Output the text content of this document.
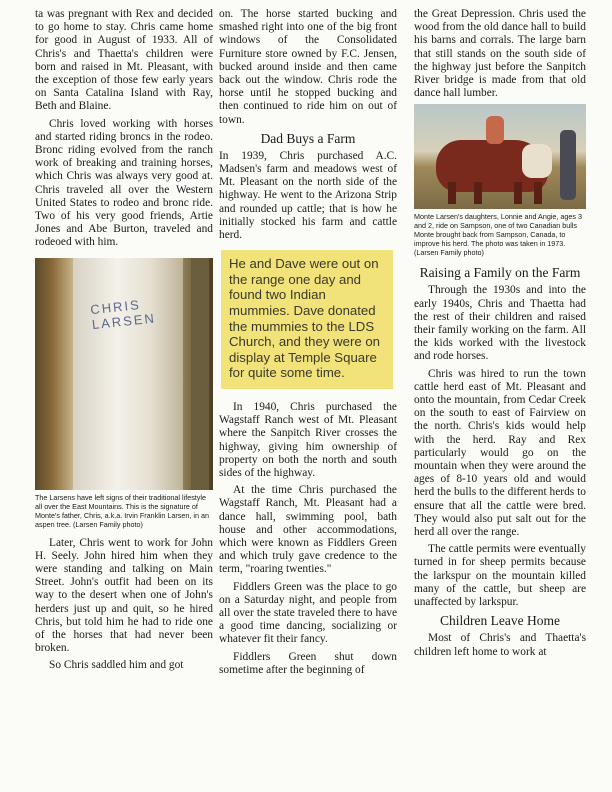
ta was pregnant with Rex and decided to go home to stay. Chris came home for good in August of 1933. All of Chris's and Thaetta's children were born and raised in Mt. Pleasant, with the exception of those few early years on Santa Catalina Island with Ray, Beth and Blaine.

Chris loved working with horses and started riding broncs in the rodeo. Bronc riding evolved from the ranch work of breaking and training horses, which Chris was always very good at. Chris traveled all over the Western United States to rodeo and bronc ride. Two of his very good friends, Artie Jones and Abe Burton, traveled and rodeoed with him.

CHRIS LARSEN
The Larsens have left signs of their traditional lifestyle all over the East Mountains. This is the signature of Monte's father, Chris, a.k.a. Irvin Franklin Larsen, in an aspen tree. (Larsen Family photo)

Later, Chris went to work for John H. Seely. John hired him when they were standing and talking on Main Street. John's outfit had been on its way to the desert when one of John's herders just up and quit, so he hired Chris, but told him he had to ride one of the horses that had never been broken.

So Chris saddled him and got

on. The horse started bucking and smashed right into one of the big front windows of the Consolidated Furniture store owned by F.C. Jensen, bucked around inside and then came back out the window. Chris rode the horse until he stopped bucking and then continued to ride him on out of town.

Dad Buys a Farm

In 1939, Chris purchased A.C. Madsen's farm and meadows west of Mt. Pleasant on the north side of the highway. He went to the Arizona Strip and rounded up cattle; that is how he initially stocked his farm and cattle herd.

He and Dave were out on the range one day and found two Indian mummies. Dave donated the mummies to the LDS Church, and they were on display at Temple Square for quite some time.

In 1940, Chris purchased the Wagstaff Ranch west of Mt. Pleasant where the Sanpitch River crosses the highway, giving him ownership of property on both the north and south sides of the highway.

At the time Chris purchased the Wagstaff Ranch, Mt. Pleasant had a dance hall, swimming pool, bath house and other accommodations, which were known as Fiddlers Green and which truly gave credence to the term, "roaring twenties."

Fiddlers Green was the place to go on a Saturday night, and people from all over the state traveled there to have a good time dancing, socializing or whatever fit their fancy.

Fiddlers Green shut down sometime after the beginning of

the Great Depression. Chris used the wood from the old dance hall to build his barns and corrals. The large barn that still stands on the south side of the highway just before the Sanpitch River bridge is made from that old dance hall lumber.

Monte Larsen's daughters, Lonnie and Angie, ages 3 and 2, ride on Sampson, one of two Canadian bulls Monte brought back from Sampson, Canada, to improve his herd. The photo was taken in 1973. (Larsen Family photo)
Raising a Family on the Farm

Through the 1930s and into the early 1940s, Chris and Thaetta had the rest of their children and raised their family working on the farm. All the kids worked with the livestock and rode horses.

Chris was hired to run the town cattle herd east of Mt. Pleasant and onto the mountain, from Cedar Creek on the south to east of Fairview on the north. Chris's kids would help with the herd. Ray and Rex particularly would go on the mountain when they were around the ages of 8-10 years old and would herd the bulls to the different herds to ensure that all the cattle were bred. They would also put salt out for the herd all over the range.

The cattle permits were eventually turned in for sheep permits because the larkspur on the mountain killed many of the cattle, but sheep are unaffected by larkspur.

Children Leave Home

Most of Chris's and Thaetta's children left home to work at
